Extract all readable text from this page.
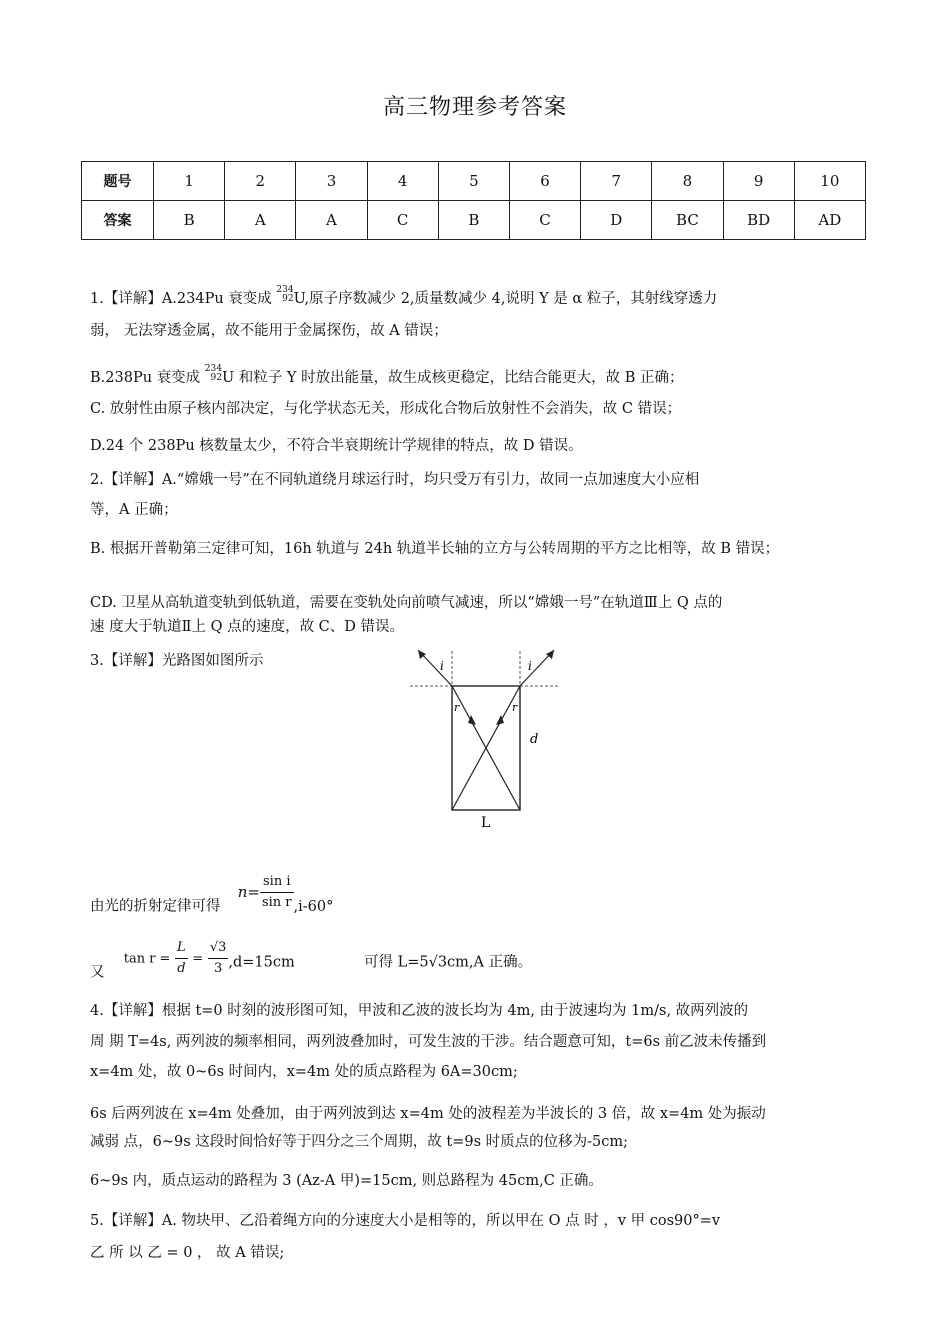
高三物理参考答案
题号	1	2	3	4	5	6	7	8	9	10
答案	B	A	A	C	B	C	D	BC	BD	AD
1.【详解】A.234Pu 衰变成 234
92U,原子序数减少 2,质量数减少 4,说明 Y 是 α 粒子，其射线穿透力
弱， 无法穿透金属，故不能用于金属探伤，故 A 错误；
B.238Pu 衰变成 234
92U 和粒子 Y 时放出能量，故生成核更稳定，比结合能更大，故 B 正确；
C. 放射性由原子核内部决定，与化学状态无关，形成化合物后放射性不会消失，故 C 错误；
D.24 个 238Pu 核数量太少，不符合半衰期统计学规律的特点，故 D 错误。
2.【详解】A.“嫦娥一号”在不同轨道绕月球运行时，均只受万有引力，故同一点加速度大小应相
等，A 正确；
B. 根据开普勒第三定律可知，16h 轨道与 24h 轨道半长轴的立方与公转周期的平方之比相等，故 B 错误；
CD. 卫星从高轨道变轨到低轨道，需要在变轨处向前喷气减速，所以“嫦娥一号”在轨道Ⅲ上 Q 点的
速 度大于轨道Ⅱ上 Q 点的速度，故 C、D 错误。
3.【详解】光路图如图所示	i	i
r	r
d
L
由光的折射定律可得  $n= \frac{\text{sin i}}{\text{sin r}} ,i-60^\circ$
又  $\tan r = \frac{L}{d} = \frac{√3}{3} ,d=15cm$	可得 L=5√3cm,A 正确。
4.【详解】根据 t=0 时刻的波形图可知，甲波和乙波的波长均为 4m, 由于波速均为 1m/s, 故两列波的
周 期 T=4s, 两列波的频率相同，两列波叠加时，可发生波的干涉。结合题意可知，t=6s 前乙波未传播到
x=4m 处，故 0~6s 时间内，x=4m 处的质点路程为 6A=30cm;
6s 后两列波在 x=4m 处叠加，由于两列波到达 x=4m 处的波程差为半波长的 3 倍，故 x=4m 处为振动
减弱 点，6~9s 这段时间恰好等于四分之三个周期，故 t=9s 时质点的位移为-5cm;
6~9s 内，质点运动的路程为 3 (Az-A 甲)=15cm, 则总路程为 45cm,C 正确。
5.【详解】A. 物块甲、乙沿着绳方向的分速度大小是相等的，所以甲在 O 点 时 ，v 甲 cos90°=v
乙 所 以 乙 = 0 ， 故 A 错误;
